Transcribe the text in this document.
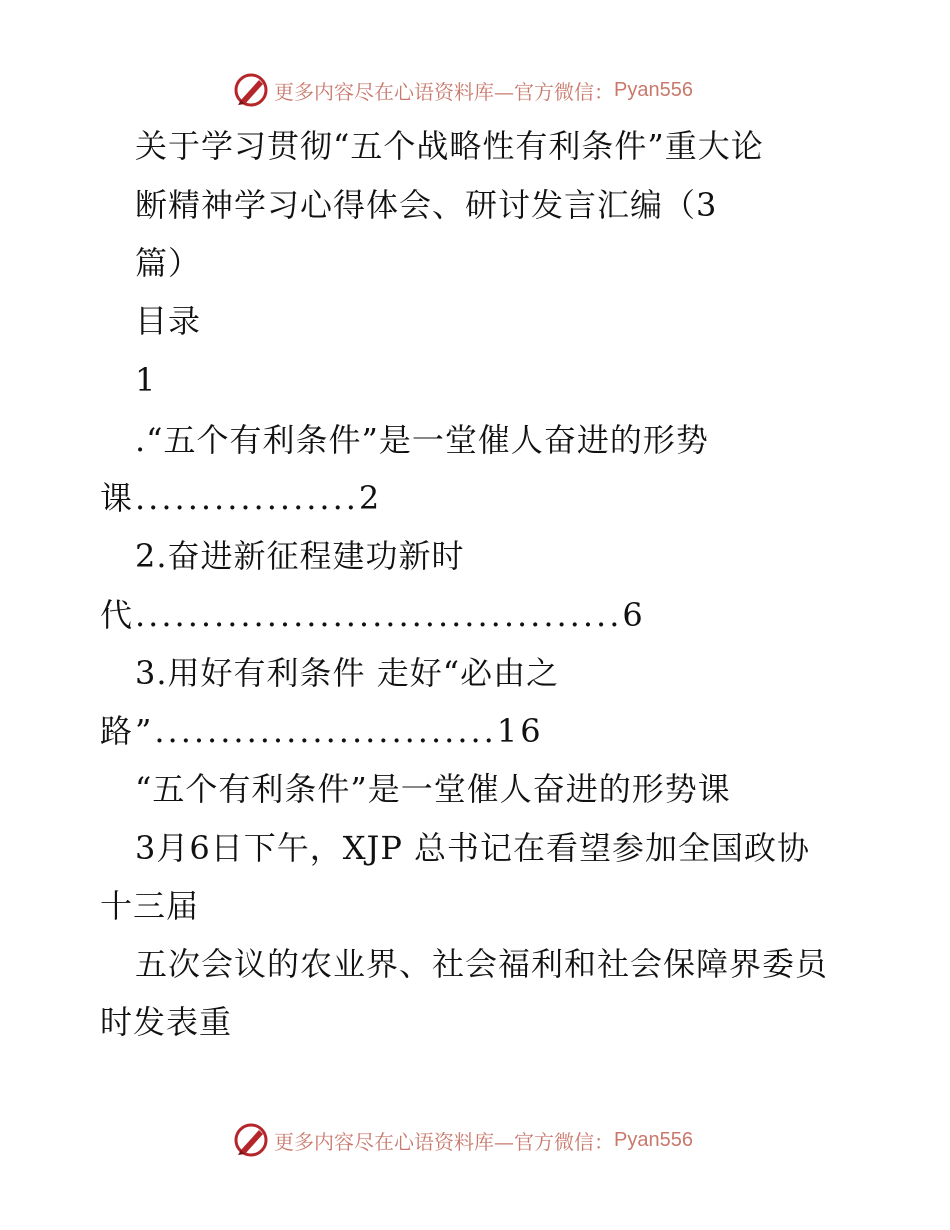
更多内容尽在心语资料库—官方微信： Pyan556
关于学习贯彻“五个战略性有利条件”重大论
断精神学习心得体会、研讨发言汇编（3
篇）
目录
1
.“五个有利条件”是一堂催人奋进的形势
课.................2
2.奋进新征程建功新时
代.....................................6
3.用好有利条件 走好“必由之
路”..........................16
“五个有利条件”是一堂催人奋进的形势课
3月6日下午，XJP 总书记在看望参加全国政协
十三届
五次会议的农业界、社会福利和社会保障界委员
时发表重
更多内容尽在心语资料库—官方微信： Pyan556
